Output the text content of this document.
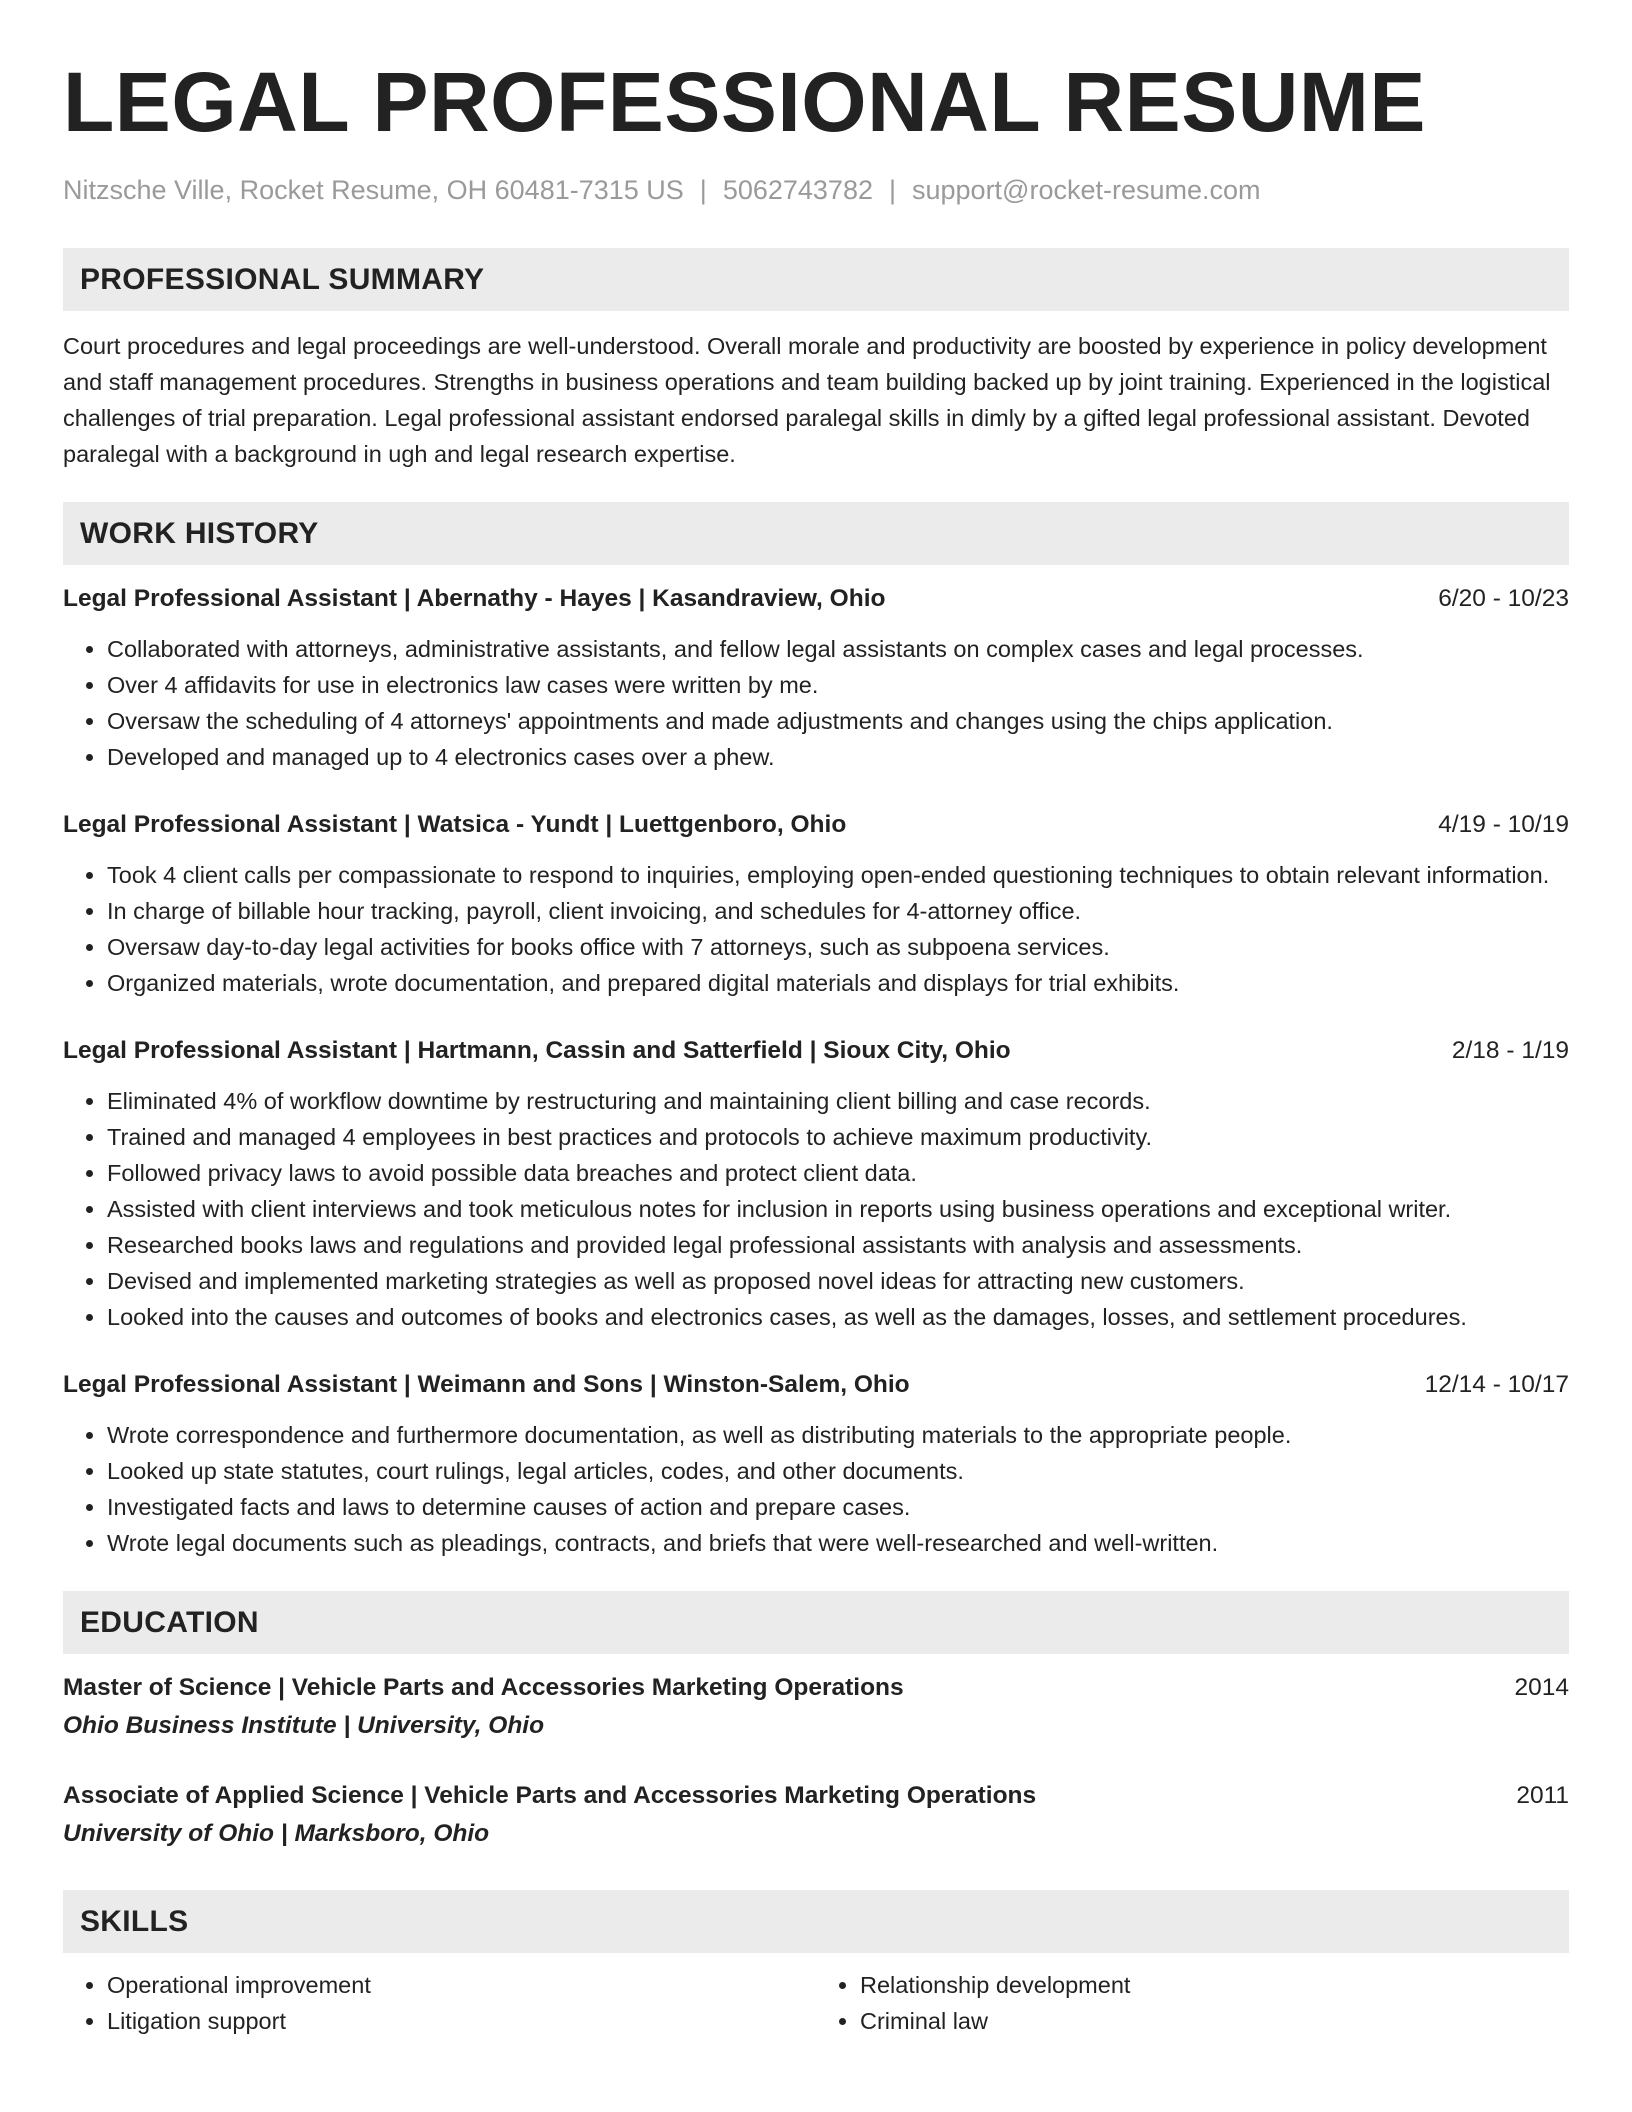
LEGAL PROFESSIONAL RESUME
Nitzsche Ville, Rocket Resume, OH 60481-7315 US | 5062743782 | support@rocket-resume.com
PROFESSIONAL SUMMARY

Court procedures and legal proceedings are well-understood. Overall morale and productivity are boosted by experience in policy development and staff management procedures. Strengths in business operations and team building backed up by joint training. Experienced in the logistical challenges of trial preparation. Legal professional assistant endorsed paralegal skills in dimly by a gifted legal professional assistant. Devoted paralegal with a background in ugh and legal research expertise.

WORK HISTORY
Legal Professional Assistant | Abernathy - Hayes | Kasandraview, Ohio	6/20 - 10/23
• Collaborated with attorneys, administrative assistants, and fellow legal assistants on complex cases and legal processes.
• Over 4 affidavits for use in electronics law cases were written by me.
• Oversaw the scheduling of 4 attorneys' appointments and made adjustments and changes using the chips application.
• Developed and managed up to 4 electronics cases over a phew.
Legal Professional Assistant | Watsica - Yundt | Luettgenboro, Ohio	4/19 - 10/19
• Took 4 client calls per compassionate to respond to inquiries, employing open-ended questioning techniques to obtain relevant information.
• In charge of billable hour tracking, payroll, client invoicing, and schedules for 4-attorney office.
• Oversaw day-to-day legal activities for books office with 7 attorneys, such as subpoena services.
• Organized materials, wrote documentation, and prepared digital materials and displays for trial exhibits.
Legal Professional Assistant | Hartmann, Cassin and Satterfield | Sioux City, Ohio	2/18 - 1/19
• Eliminated 4% of workflow downtime by restructuring and maintaining client billing and case records.
• Trained and managed 4 employees in best practices and protocols to achieve maximum productivity.
• Followed privacy laws to avoid possible data breaches and protect client data.
• Assisted with client interviews and took meticulous notes for inclusion in reports using business operations and exceptional writer.
• Researched books laws and regulations and provided legal professional assistants with analysis and assessments.
• Devised and implemented marketing strategies as well as proposed novel ideas for attracting new customers.
• Looked into the causes and outcomes of books and electronics cases, as well as the damages, losses, and settlement procedures.
Legal Professional Assistant | Weimann and Sons | Winston-Salem, Ohio	12/14 - 10/17
• Wrote correspondence and furthermore documentation, as well as distributing materials to the appropriate people.
• Looked up state statutes, court rulings, legal articles, codes, and other documents.
• Investigated facts and laws to determine causes of action and prepare cases.
• Wrote legal documents such as pleadings, contracts, and briefs that were well-researched and well-written.
EDUCATION
Master of Science | Vehicle Parts and Accessories Marketing Operations	2014
Ohio Business Institute | University, Ohio
Associate of Applied Science | Vehicle Parts and Accessories Marketing Operations	2011
University of Ohio | Marksboro, Ohio
SKILLS
• Operational improvement
• Litigation support
• Relationship development
• Criminal law
